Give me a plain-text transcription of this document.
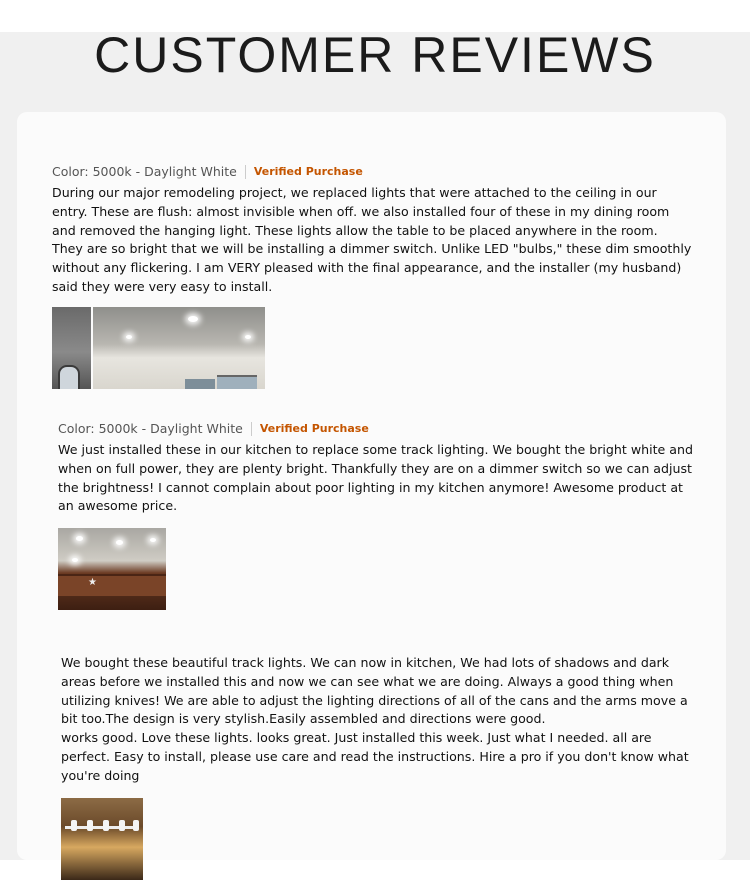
CUSTOMER REVIEWS
Color: 5000k - Daylight White Verified Purchase
During our major remodeling project, we replaced lights that were attached to the ceiling in our entry. These are flush: almost invisible when off. we also installed four of these in my dining room and removed the hanging light. These lights allow the table to be placed anywhere in the room. They are so bright that we will be installing a dimmer switch. Unlike LED "bulbs," these dim smoothly without any flickering. I am VERY pleased with the final appearance, and the installer (my husband) said they were very easy to install.
Color: 5000k - Daylight White Verified Purchase
We just installed these in our kitchen to replace some track lighting. We bought the bright white and when on full power, they are plenty bright. Thankfully they are on a dimmer switch so we can adjust the brightness! I cannot complain about poor lighting in my kitchen anymore! Awesome product at an awesome price.
★
We bought these beautiful track lights. We can now in kitchen, We had lots of shadows and dark areas before we installed this and now we can see what we are doing. Always a good thing when utilizing knives! We are able to adjust the lighting directions of all of the cans and the arms move a bit too.The design is very stylish.Easily assembled and directions were good.
works good. Love these lights. looks great. Just installed this week. Just what I needed. all are perfect. Easy to install, please use care and read the instructions. Hire a pro if you don't know what you're doing
